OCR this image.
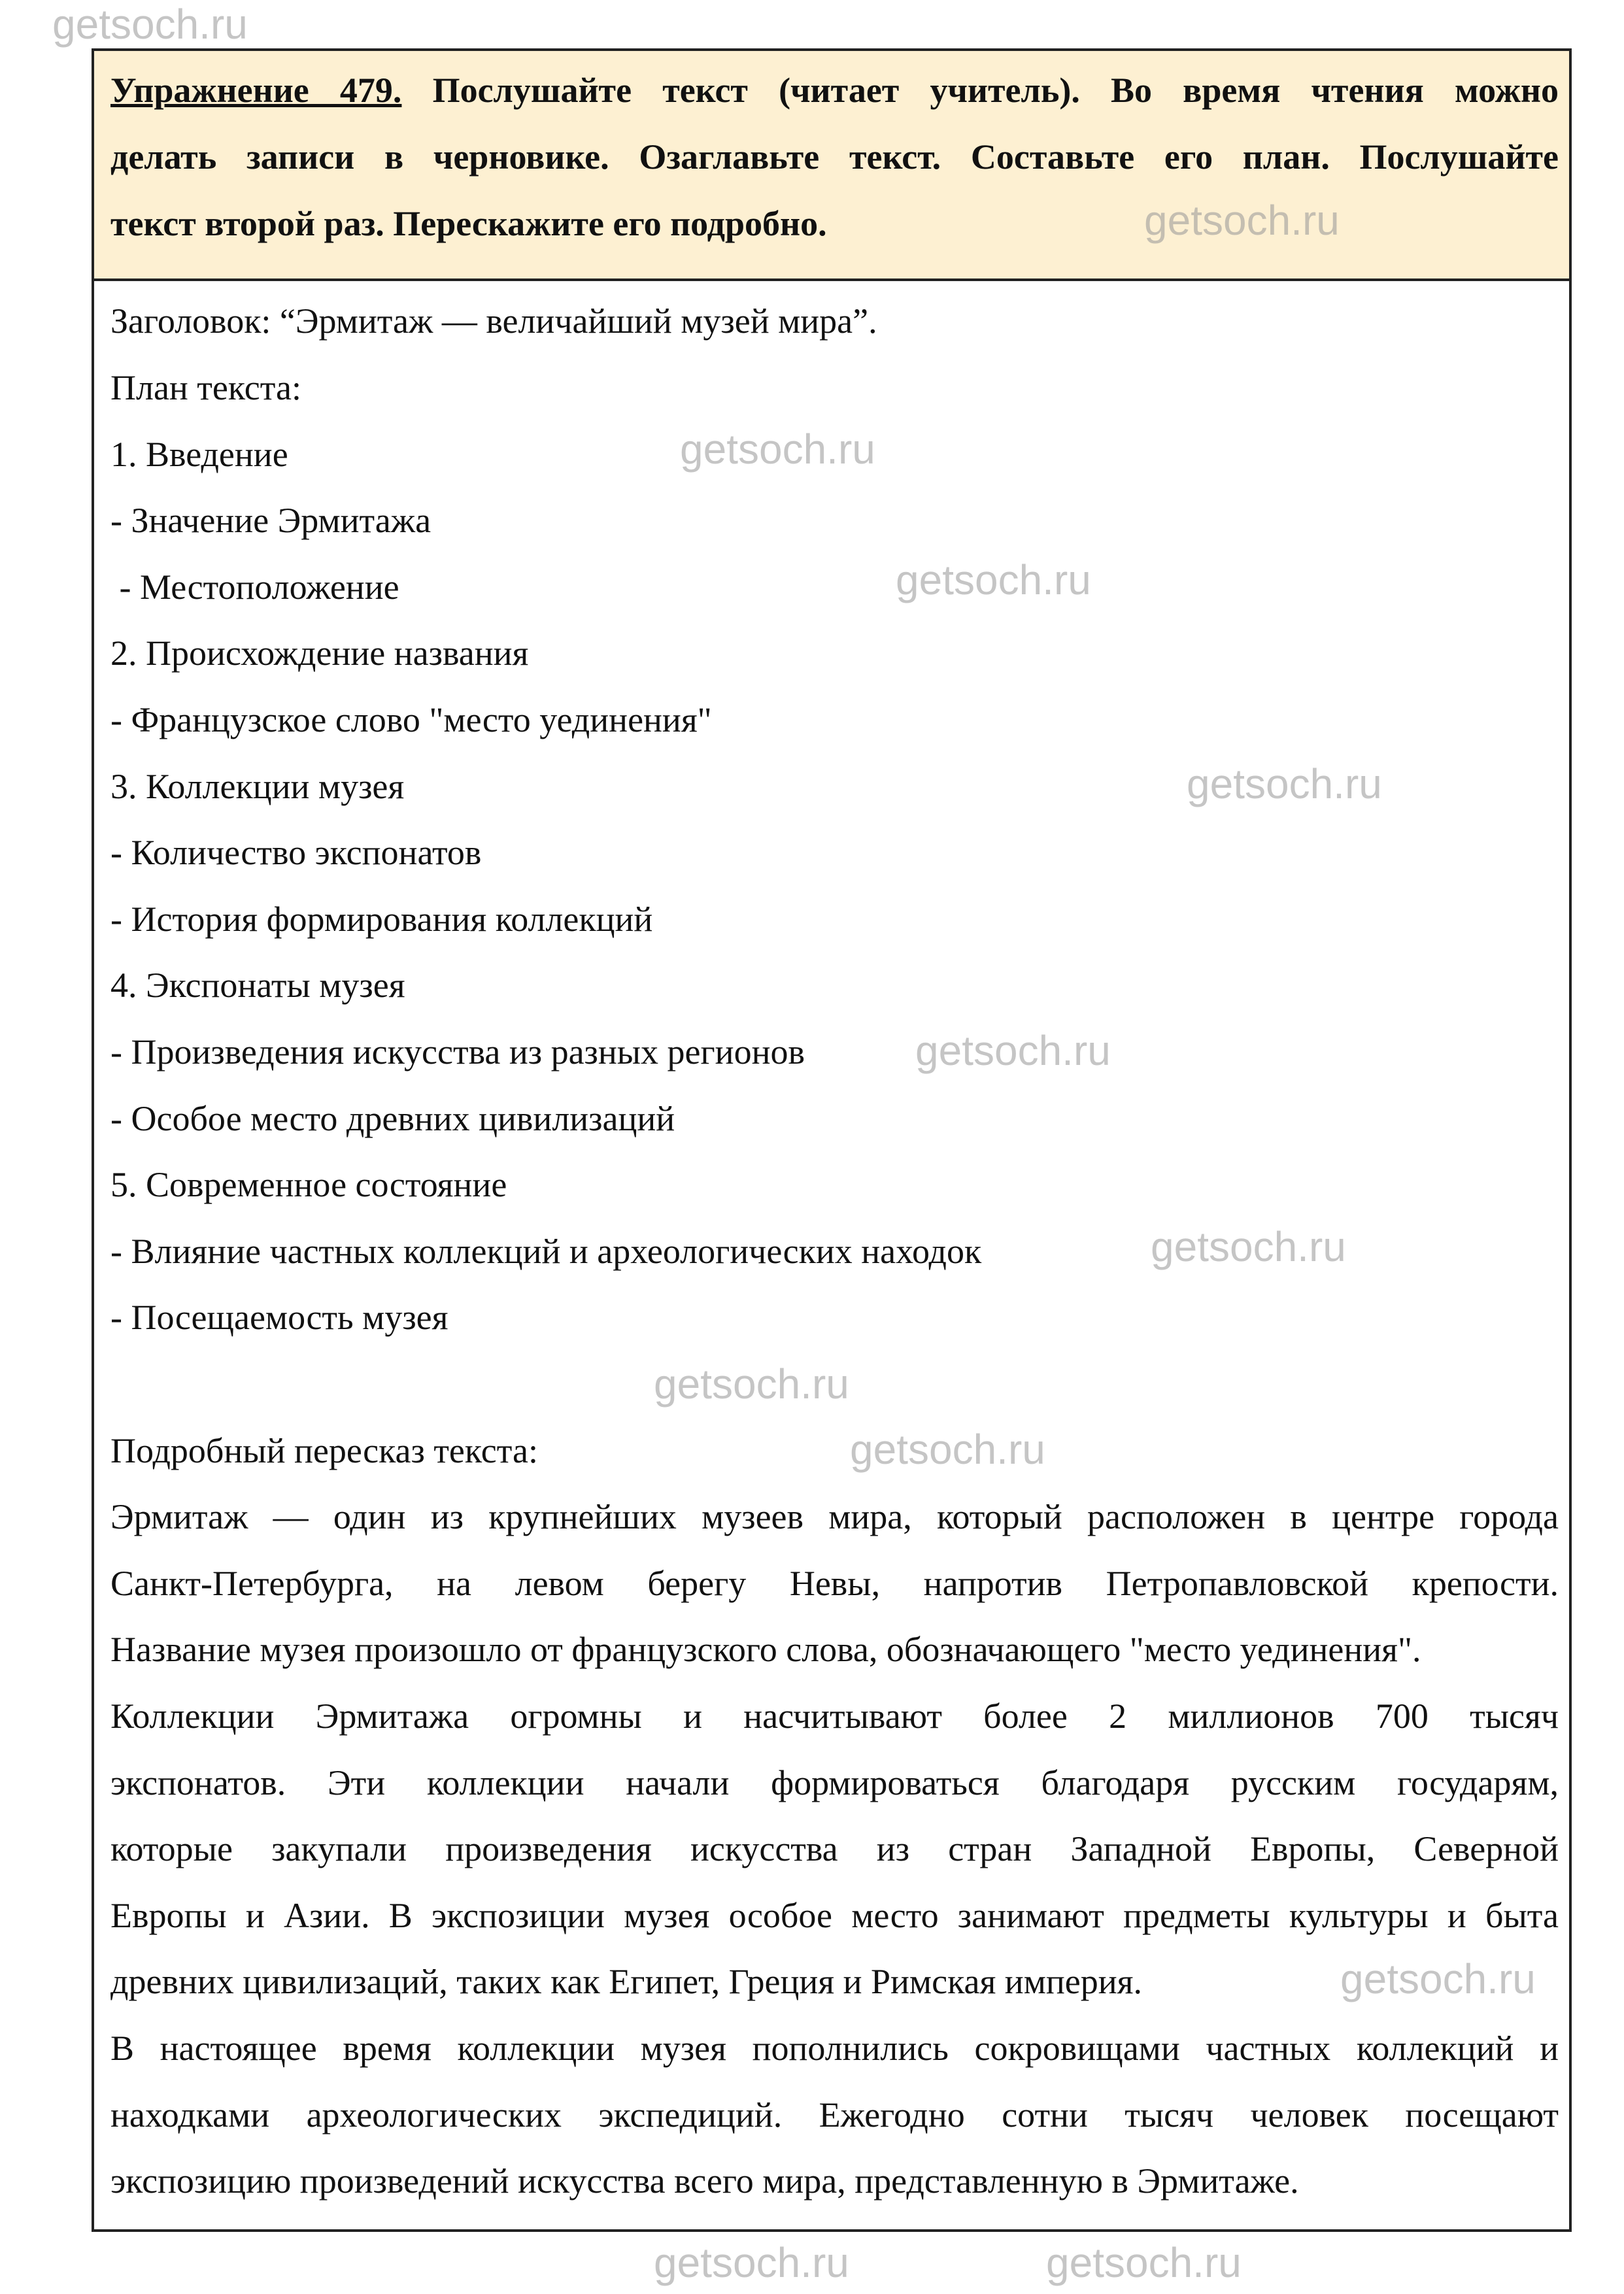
Упражнение 479. Послушайте текст (читает учитель). Во время чтения можно
делать записи в черновике. Озаглавьте текст. Составьте его план. Послушайте
текст второй раз. Перескажите его подробно.
Заголовок: “Эрмитаж — величайший музей мира”.
План текста:
1. Введение
- Значение Эрмитажа
- Местоположение
2. Происхождение названия
- Французское слово "место уединения"
3. Коллекции музея
- Количество экспонатов
- История формирования коллекций
4. Экспонаты музея
- Произведения искусства из разных регионов
- Особое место древних цивилизаций
5. Современное состояние
- Влияние частных коллекций и археологических находок
- Посещаемость музея
Подробный пересказ текста:
Эрмитаж — один из крупнейших музеев мира, который расположен в центре города
Санкт-Петербурга, на левом берегу Невы, напротив Петропавловской крепости.
Название музея произошло от французского слова, обозначающего "место уединения".
Коллекции Эрмитажа огромны и насчитывают более 2 миллионов 700 тысяч
экспонатов. Эти коллекции начали формироваться благодаря русским государям,
которые закупали произведения искусства из стран Западной Европы, Северной
Европы и Азии. В экспозиции музея особое место занимают предметы культуры и быта
древних цивилизаций, таких как Египет, Греция и Римская империя.
В настоящее время коллекции музея пополнились сокровищами частных коллекций и
находками археологических экспедиций. Ежегодно сотни тысяч человек посещают
экспозицию произведений искусства всего мира, представленную в Эрмитаже.
getsoch.ru
getsoch.ru
getsoch.ru
getsoch.ru
getsoch.ru
getsoch.ru
getsoch.ru
getsoch.ru
getsoch.ru
getsoch.ru
getsoch.ru	getsoch.ru
